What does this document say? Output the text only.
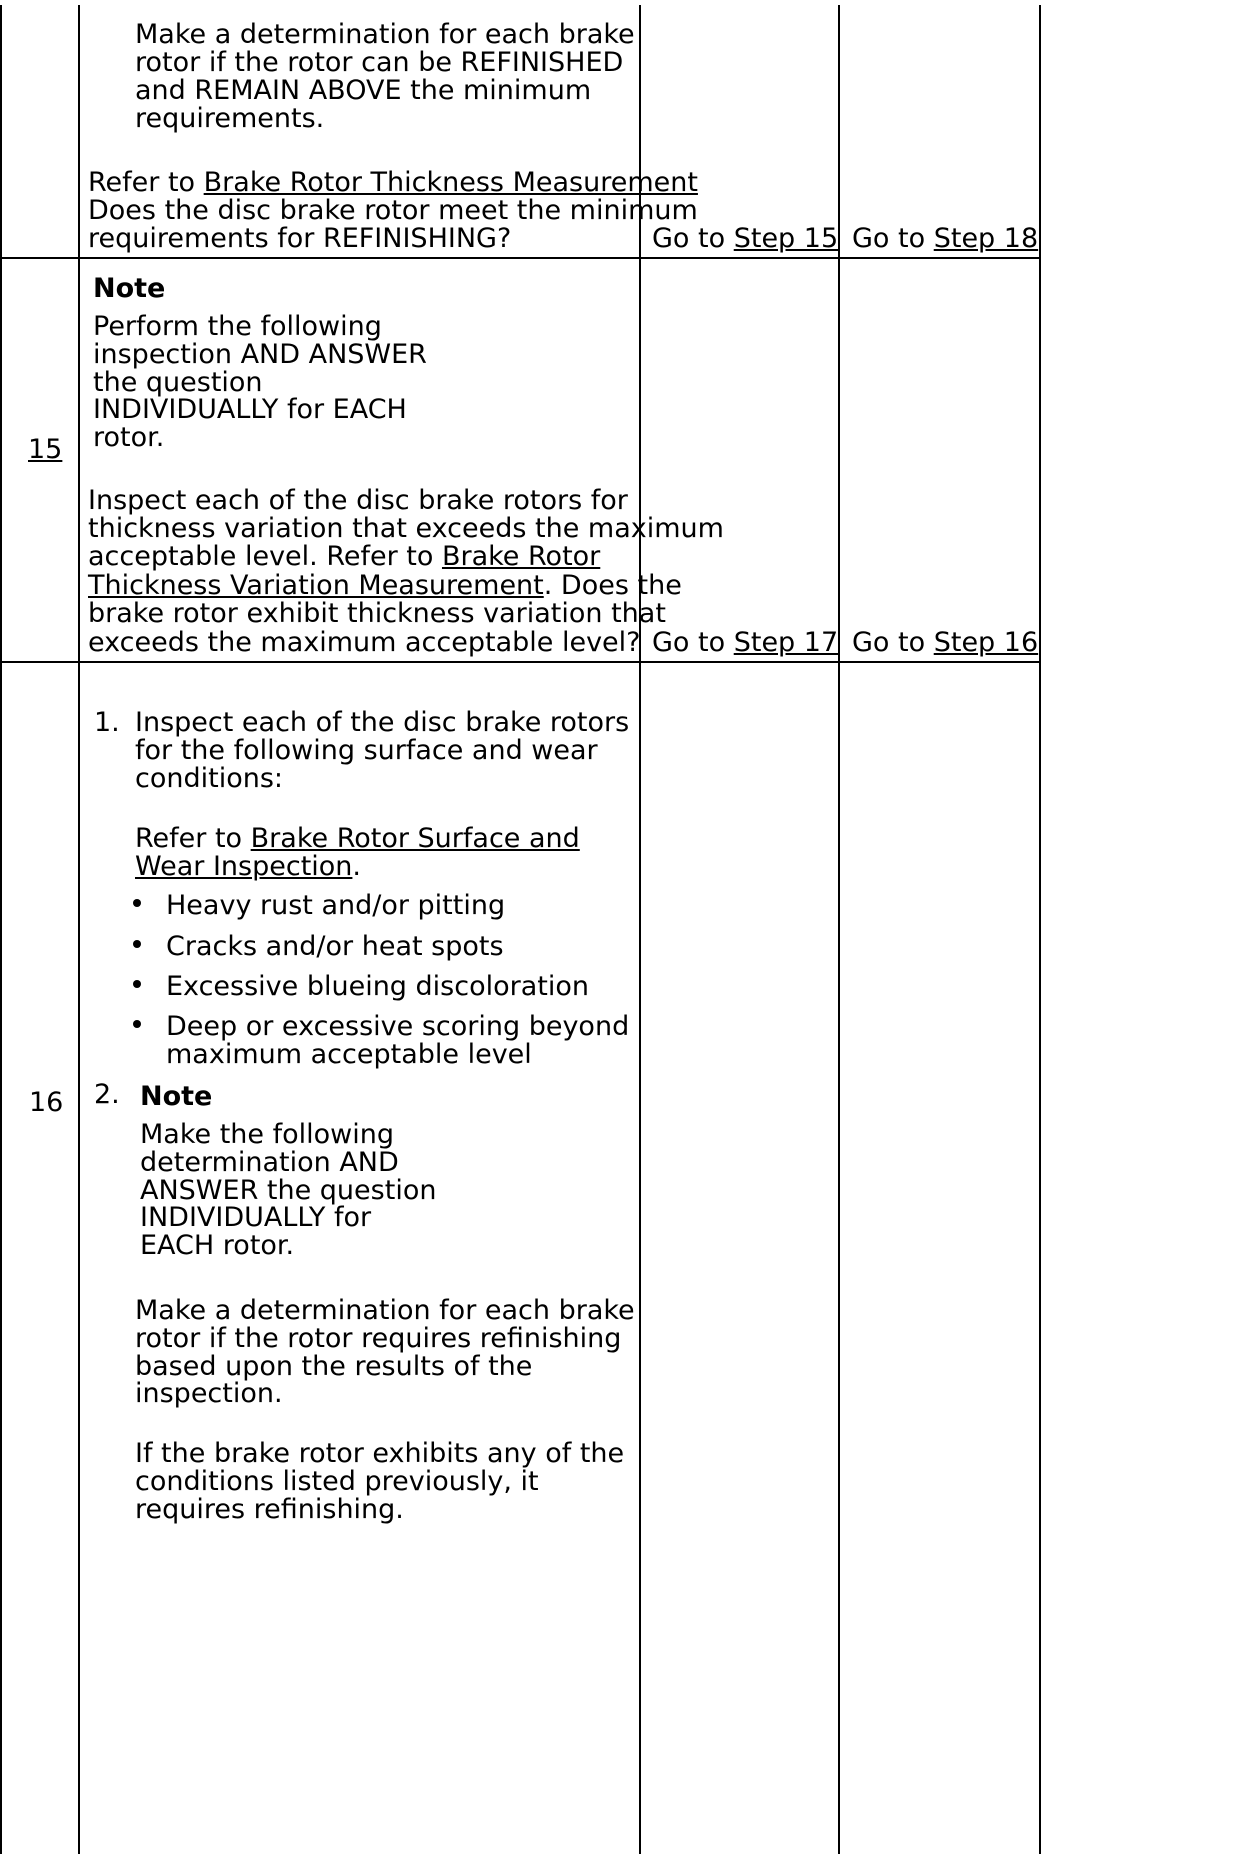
Make a determination for each brake
rotor if the rotor can be REFINISHED
and REMAIN ABOVE the minimum
requirements.
Refer to Brake Rotor Thickness Measurement
Does the disc brake rotor meet the minimum
requirements for REFINISHING?	Go to Step 15 Go to Step 18
15
Note
Perform the following
inspection AND ANSWER
the question
INDIVIDUALLY for EACH
rotor.
Inspect each of the disc brake rotors for
thickness variation that exceeds the maximum
acceptable level. Refer to Brake Rotor
Thickness Variation Measurement. Does the
brake rotor exhibit thickness variation that
exceeds the maximum acceptable level? Go to Step 17 Go to Step 16
16
1. Inspect each of the disc brake rotors
for the following surface and wear
conditions:
Refer to Brake Rotor Surface and
Wear Inspection.
Heavy rust and/or pitting
Cracks and/or heat spots
Excessive blueing discoloration
Deep or excessive scoring beyond
maximum acceptable level
2. Note
Make the following
determination AND
ANSWER the question
INDIVIDUALLY for
EACH rotor.
Make a determination for each brake
rotor if the rotor requires refinishing
based upon the results of the
inspection.
If the brake rotor exhibits any of the
conditions listed previously, it
requires refinishing.
